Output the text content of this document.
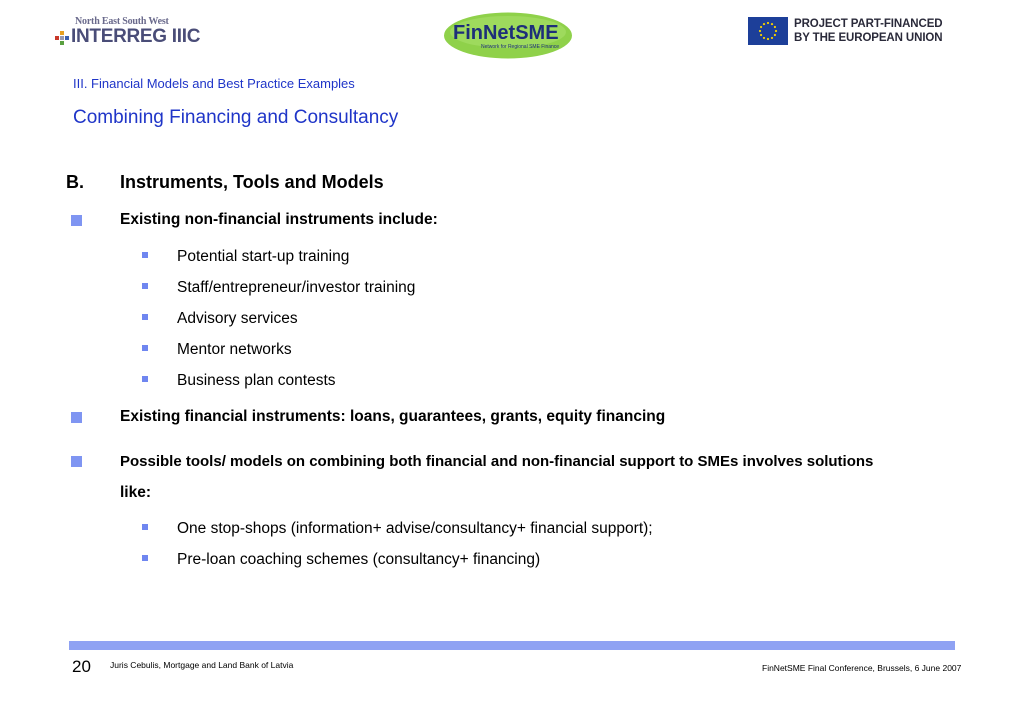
North East South West
INTERREG IIIC	FinNetSME
Network for Regional SME Finance
PROJECT PART-FINANCED
BY THE EUROPEAN UNION
III. Financial Models and Best Practice Examples
Combining Financing and Consultancy
B. Instruments, Tools and Models
Existing non-financial instruments include:
Potential start-up training
Staff/entrepreneur/investor training
Advisory services
Mentor networks
Business plan contests
Existing financial instruments: loans, guarantees, grants, equity financing
Possible tools/ models on combining both financial and non-financial support to SMEs involves solutions
like:
One stop-shops (information+ advise/consultancy+ financial support);
Pre-loan coaching schemes (consultancy+ financing)
20 Juris Cebulis, Mortgage and Land Bank of Latvia	FinNetSME Final Conference, Brussels, 6 June 2007
